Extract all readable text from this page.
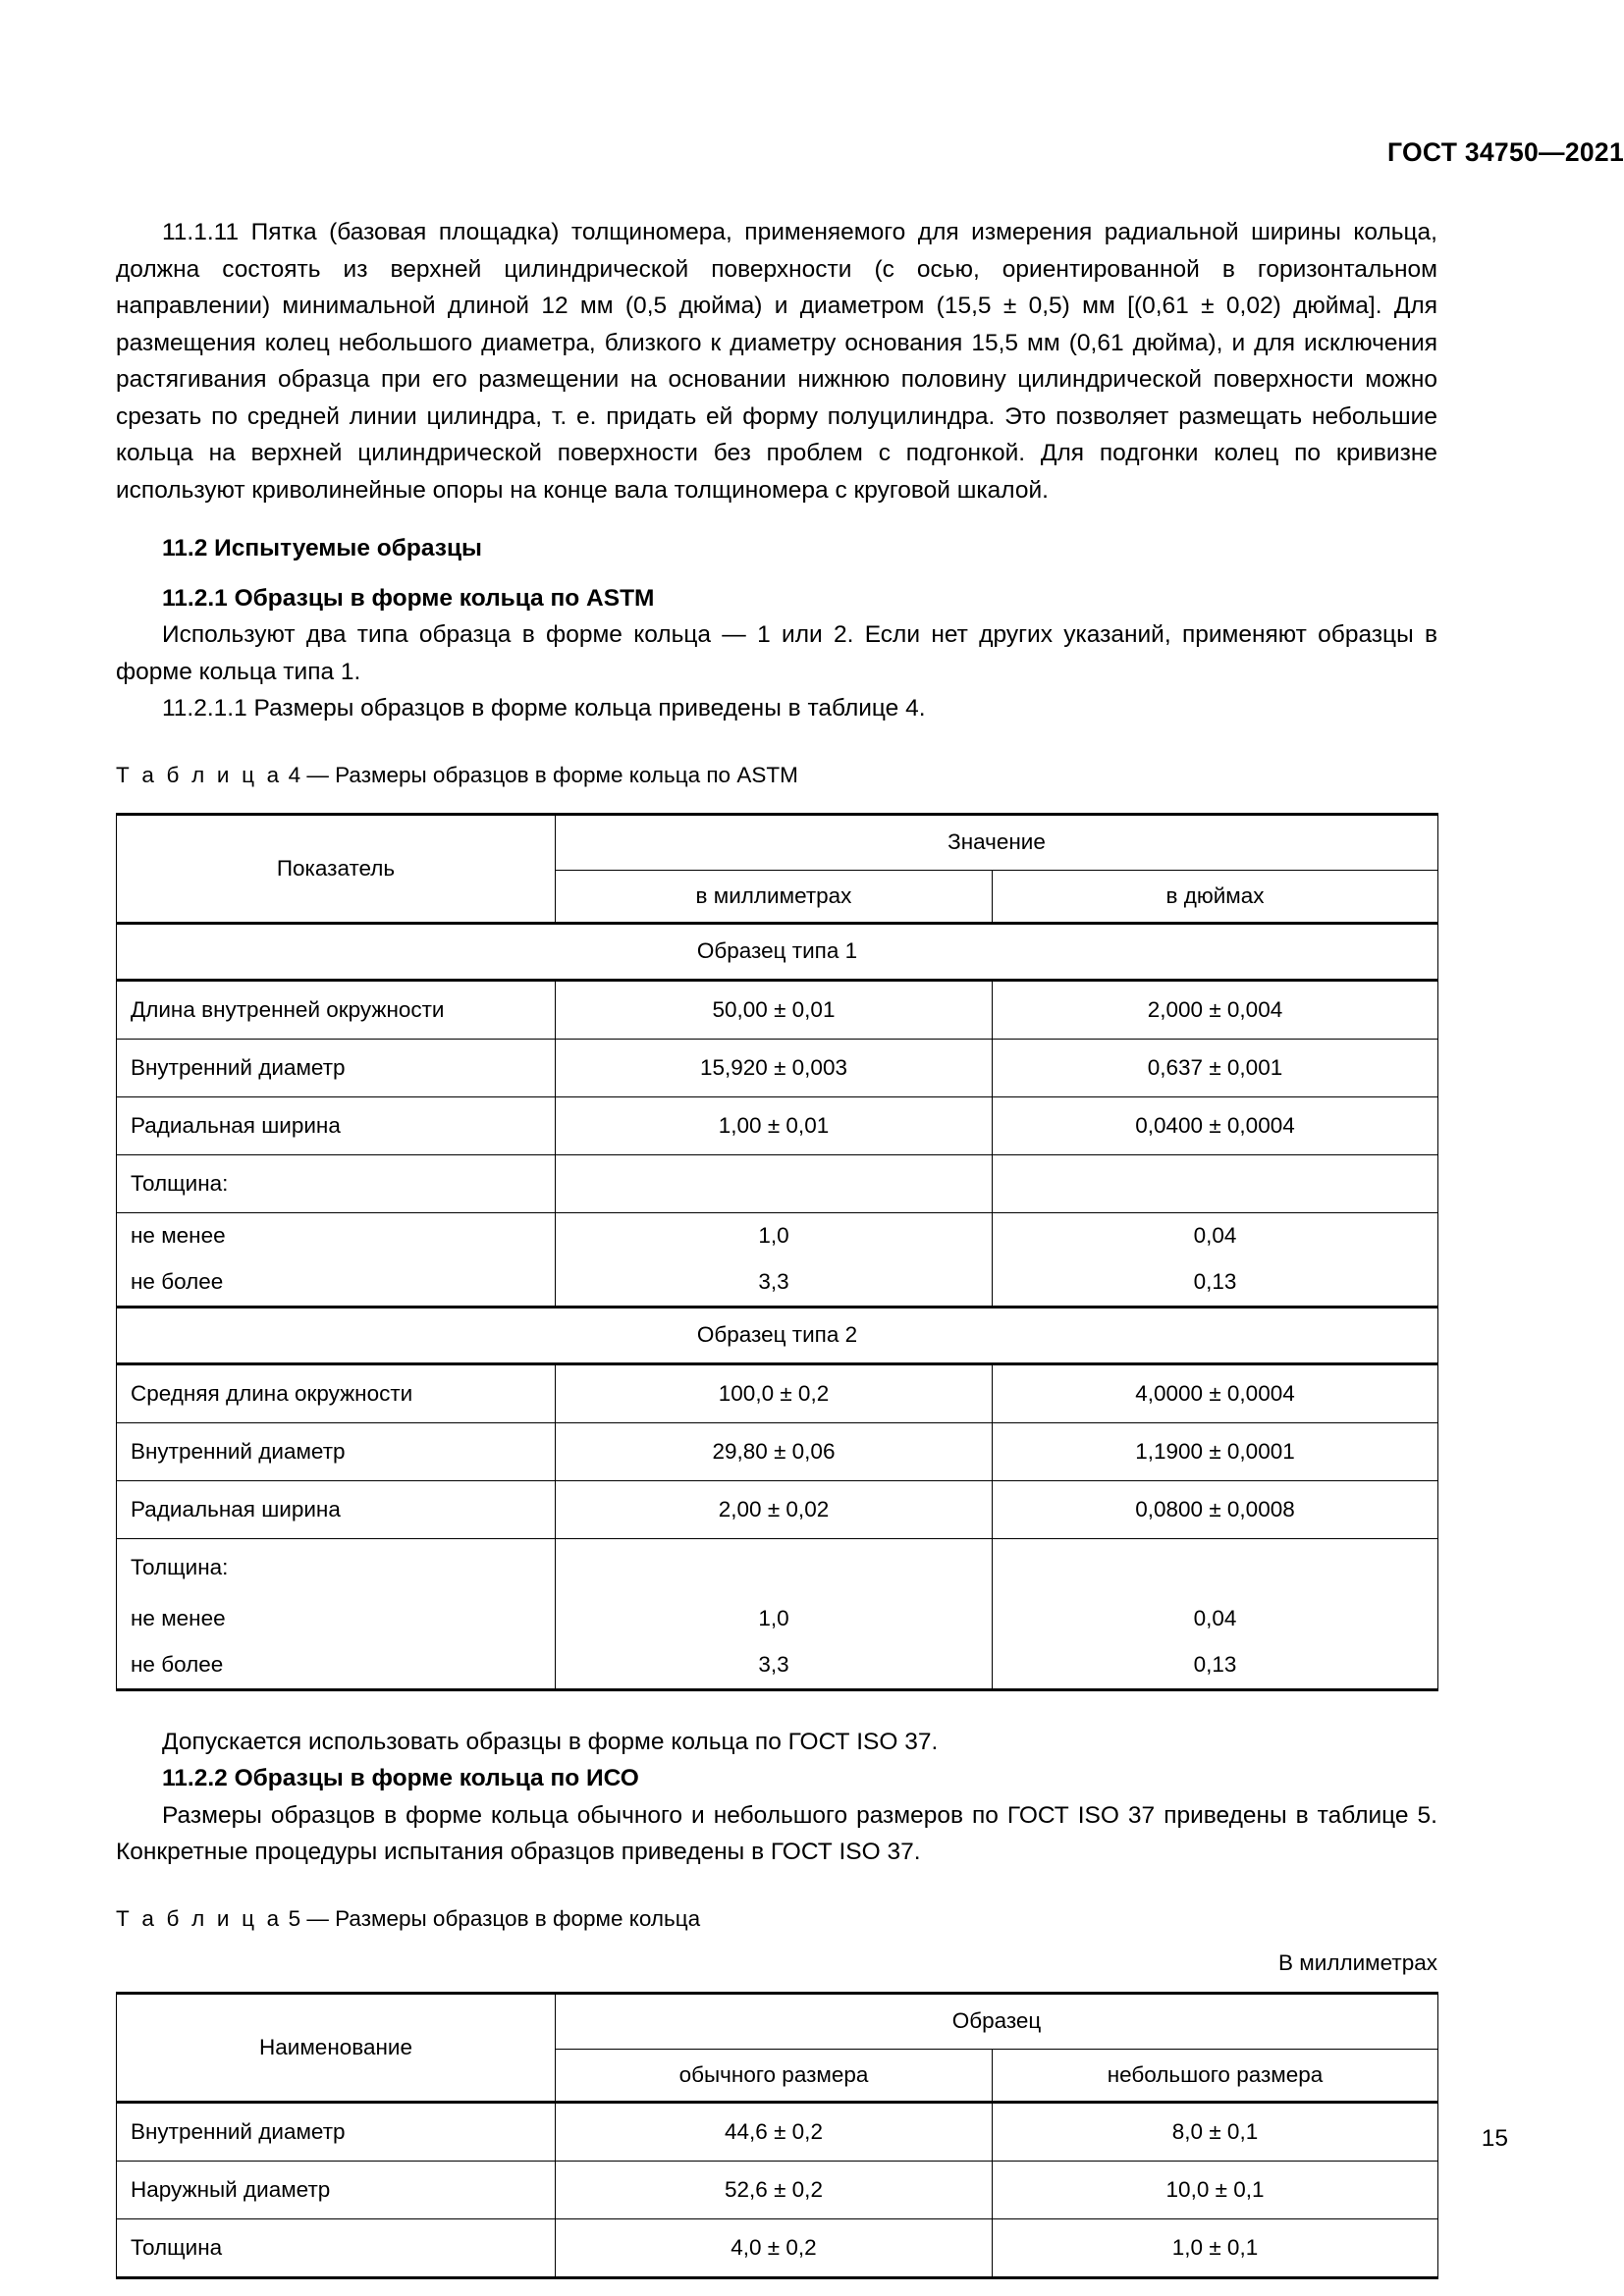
ГОСТ 34750—2021

11.1.11 Пятка (базовая площадка) толщиномера, применяемого для измерения радиальной ширины кольца, должна состоять из верхней цилиндрической поверхности (с осью, ориентированной в горизонтальном направлении) минимальной длиной 12 мм (0,5 дюйма) и диаметром (15,5 ± 0,5) мм [(0,61 ± 0,02) дюйма]. Для размещения колец небольшого диаметра, близкого к диаметру основания 15,5 мм (0,61 дюйма), и для исключения растягивания образца при его размещении на основании нижнюю половину цилиндрической поверхности можно срезать по средней линии цилиндра, т. е. придать ей форму полуцилиндра. Это позволяет размещать небольшие кольца на верхней цилиндрической поверхности без проблем с подгонкой. Для подгонки колец по кривизне используют криволинейные опоры на конце вала толщиномера с круговой шкалой.

11.2 Испытуемые образцы

11.2.1 Образцы в форме кольца по ASTM

Используют два типа образца в форме кольца — 1 или 2. Если нет других указаний, применяют образцы в форме кольца типа 1.

11.2.1.1 Размеры образцов в форме кольца приведены в таблице 4.

Т а б л и ц а 4 — Размеры образцов в форме кольца по ASTM

Показатель	Значение	

в миллиметрах	в дюймах

Образец типа 1		

Длина внутренней окружности	50,00 ± 0,01	2,000 ± 0,004

Внутренний диаметр	15,920 ± 0,003	0,637 ± 0,001

Радиальная ширина	1,00 ± 0,01	0,0400 ± 0,0004

Толщина:		

не менее	1,0	0,04

не более	3,3	0,13

Образец типа 2		

Средняя длина окружности	100,0 ± 0,2	4,0000 ± 0,0004

Внутренний диаметр	29,80 ± 0,06	1,1900 ± 0,0001

Радиальная ширина	2,00 ± 0,02	0,0800 ± 0,0008

Толщина:		

не менее	1,0	0,04

не более	3,3	0,13

Допускается использовать образцы в форме кольца по ГОСТ ISO 37.

11.2.2 Образцы в форме кольца по ИСО

Размеры образцов в форме кольца обычного и небольшого размеров по ГОСТ ISO 37 приведены в таблице 5. Конкретные процедуры испытания образцов приведены в ГОСТ ISO 37.

Т а б л и ц а 5 — Размеры образцов в форме кольца

В миллиметрах

Наименование	Образец	

обычного размера	небольшого размера

Внутренний диаметр	44,6 ± 0,2	8,0 ± 0,1

Наружный диаметр	52,6 ± 0,2	10,0 ± 0,1

Толщина	4,0 ± 0,2	1,0 ± 0,1
15
